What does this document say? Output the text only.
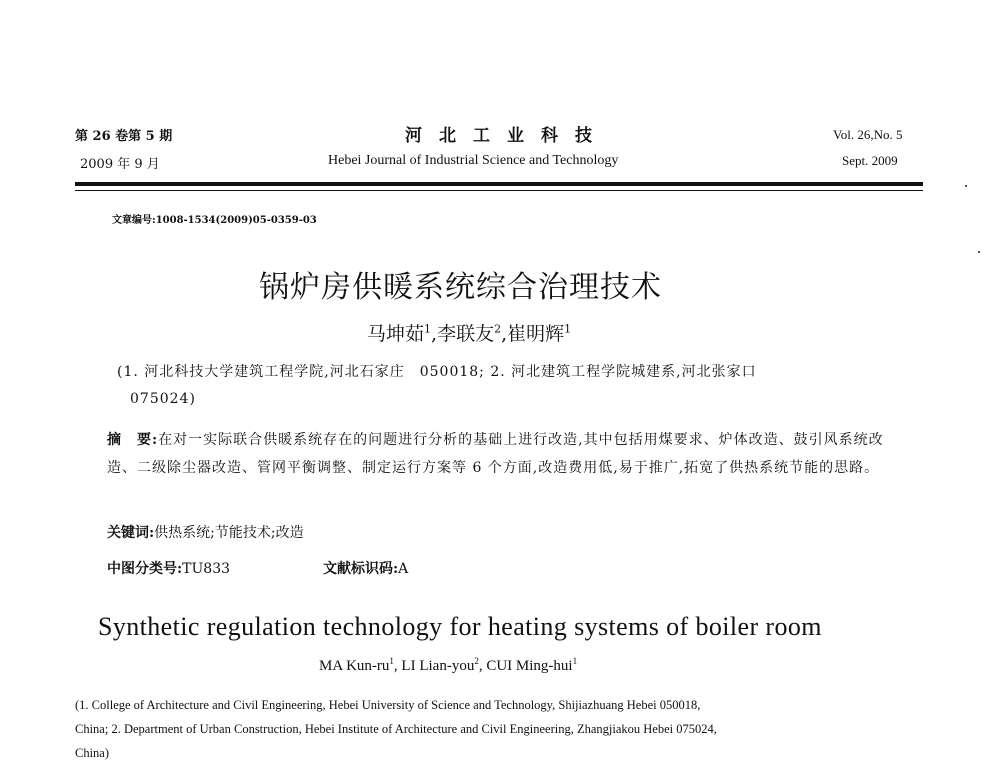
第 26 卷第 5 期
2009 年 9 月
河北工业科技
Hebei Journal of Industrial Science and Technology
Vol. 26,No. 5
Sept. 2009
文章编号:1008-1534(2009)05-0359-03
锅炉房供暖系统综合治理技术
马坤茹$^1$,李联友$^2$,崔明辉$^1$
(1. 河北科技大学建筑工程学院,河北石家庄　050018; 2. 河北建筑工程学院城建系,河北张家口
075024)
摘　要:在对一实际联合供暖系统存在的问题进行分析的基础上进行改造,其中包括用煤要求、炉体改造、鼓引风系统改造、二级除尘器改造、管网平衡调整、制定运行方案等 6 个方面,改造费用低,易于推广,拓宽了供热系统节能的思路。
关键词:供热系统;节能技术;改造
中图分类号:TU833	文献标识码:A
Synthetic regulation technology for heating systems of boiler room
MA Kun-$ru^1$, LI Lian-you$^2$, CUI Ming-hui$^1$
(1. College of Architecture and Civil Engineering, Hebei University of Science and Technology, Shijiazhuang Hebei 050018,
China; 2. Department of Urban Construction, Hebei Institute of Architecture and Civil Engineering, Zhangjiakou Hebei 075024,
China)
